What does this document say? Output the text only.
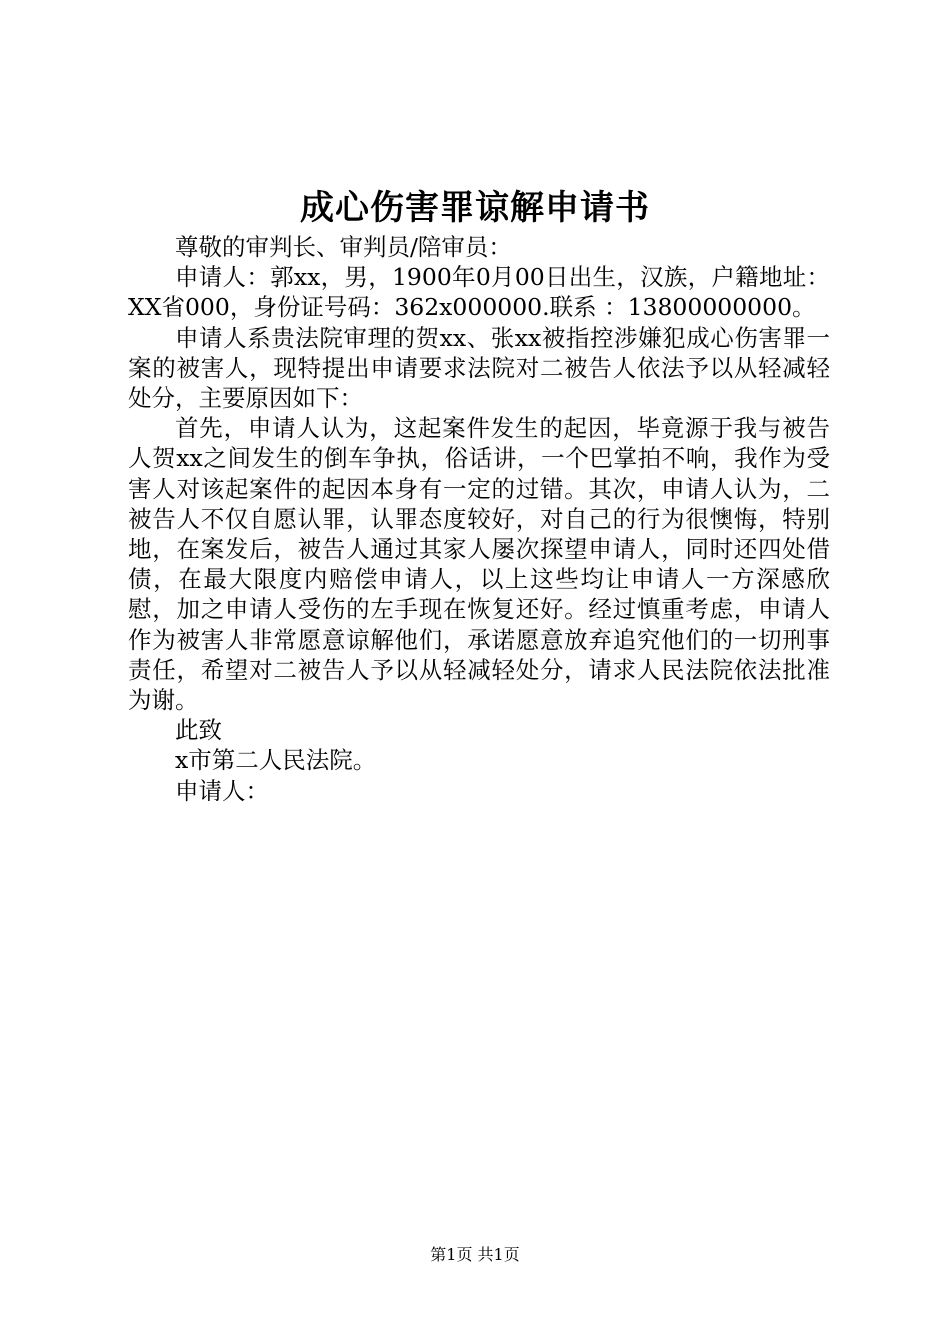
成心伤害罪谅解申请书

尊敬的审判长、审判员/陪审员：

申请人：郭xx，男，1900年0月00日出生，汉族，户籍地址：XX省000，身份证号码：362x000000.联系 ：13800000000。

申请人系贵法院审理的贺xx、张xx被指控涉嫌犯成心伤害罪一案的被害人，现特提出申请要求法院对二被告人依法予以从轻减轻处分，主要原因如下：

首先，申请人认为，这起案件发生的起因，毕竟源于我与被告人贺xx之间发生的倒车争执，俗话讲，一个巴掌拍不响，我作为受害人对该起案件的起因本身有一定的过错。其次，申请人认为，二被告人不仅自愿认罪，认罪态度较好，对自己的行为很懊悔，特别地，在案发后，被告人通过其家人屡次探望申请人，同时还四处借债，在最大限度内赔偿申请人，以上这些均让申请人一方深感欣慰，加之申请人受伤的左手现在恢复还好。经过慎重考虑，申请人作为被害人非常愿意谅解他们，承诺愿意放弃追究他们的一切刑事责任，希望对二被告人予以从轻减轻处分，请求人民法院依法批准为谢。

此致

x市第二人民法院。

申请人：

第1页 共1页
